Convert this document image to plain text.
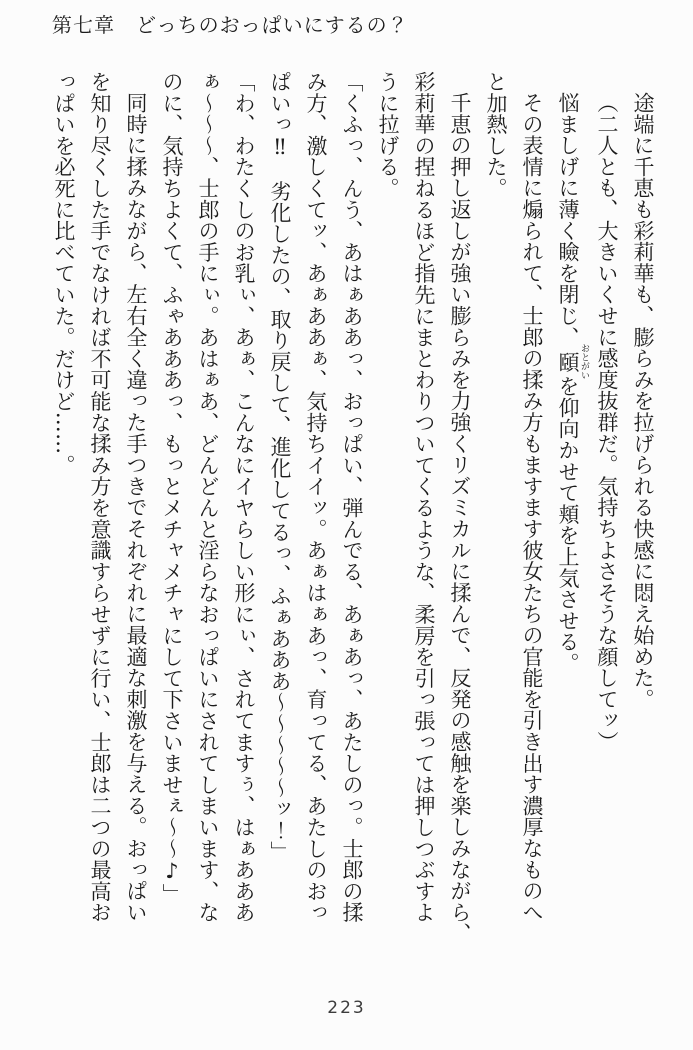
第七章　どっちのおっぱいにするの？
途端に千恵も彩莉華も、膨らみを拉げられる快感に悶え始めた。
（二人とも、大きいくせに感度抜群だ。気持ちよさそうな顔してッ）
悩ましげに薄く瞼を閉じ、頤 おとがいを仰向かせて頬を上気させる。
その表情に煽られて、士郎の揉み方もますます彼女たちの官能を引き出す濃厚なものへ
と加熱した。
千恵の押し返しが強い膨らみを力強くリズミカルに揉んで、反発の感触を楽しみながら、
彩莉華の捏ねるほど指先にまとわりついてくるような、柔房を引っ張っては押しつぶすよ
うに拉げる。
「くふっ、んう、あはぁああっ、おっぱい、弾んでる、あぁあっ、あたしのっ。士郎の揉
み方、激しくてッ、あぁああぁ、気持ちイイッ。あぁはぁあっ、育ってる、あたしのおっ
ぱいっ‼　劣化したの、取り戻して、進化してるっ、ふぁあああ～～～～～ッ！」
「わ、わたくしのお乳ぃ、あぁ、こんなにイヤらしい形にぃ、されてますぅ、はぁあああ
ぁ～～～、士郎の手にぃ。あはぁあ、どんどんと淫らなおっぱいにされてしまいます、な
のに、気持ちよくて、ふゃあああっ、もっとメチャメチャにして下さいませぇ～～♪」
同時に揉みながら、左右全く違った手つきでそれぞれに最適な刺激を与える。おっぱい
を知り尽くした手でなければ不可能な揉み方を意識すらせずに行い、士郎は二つの最高お
っぱいを必死に比べていた。だけど……。
223
